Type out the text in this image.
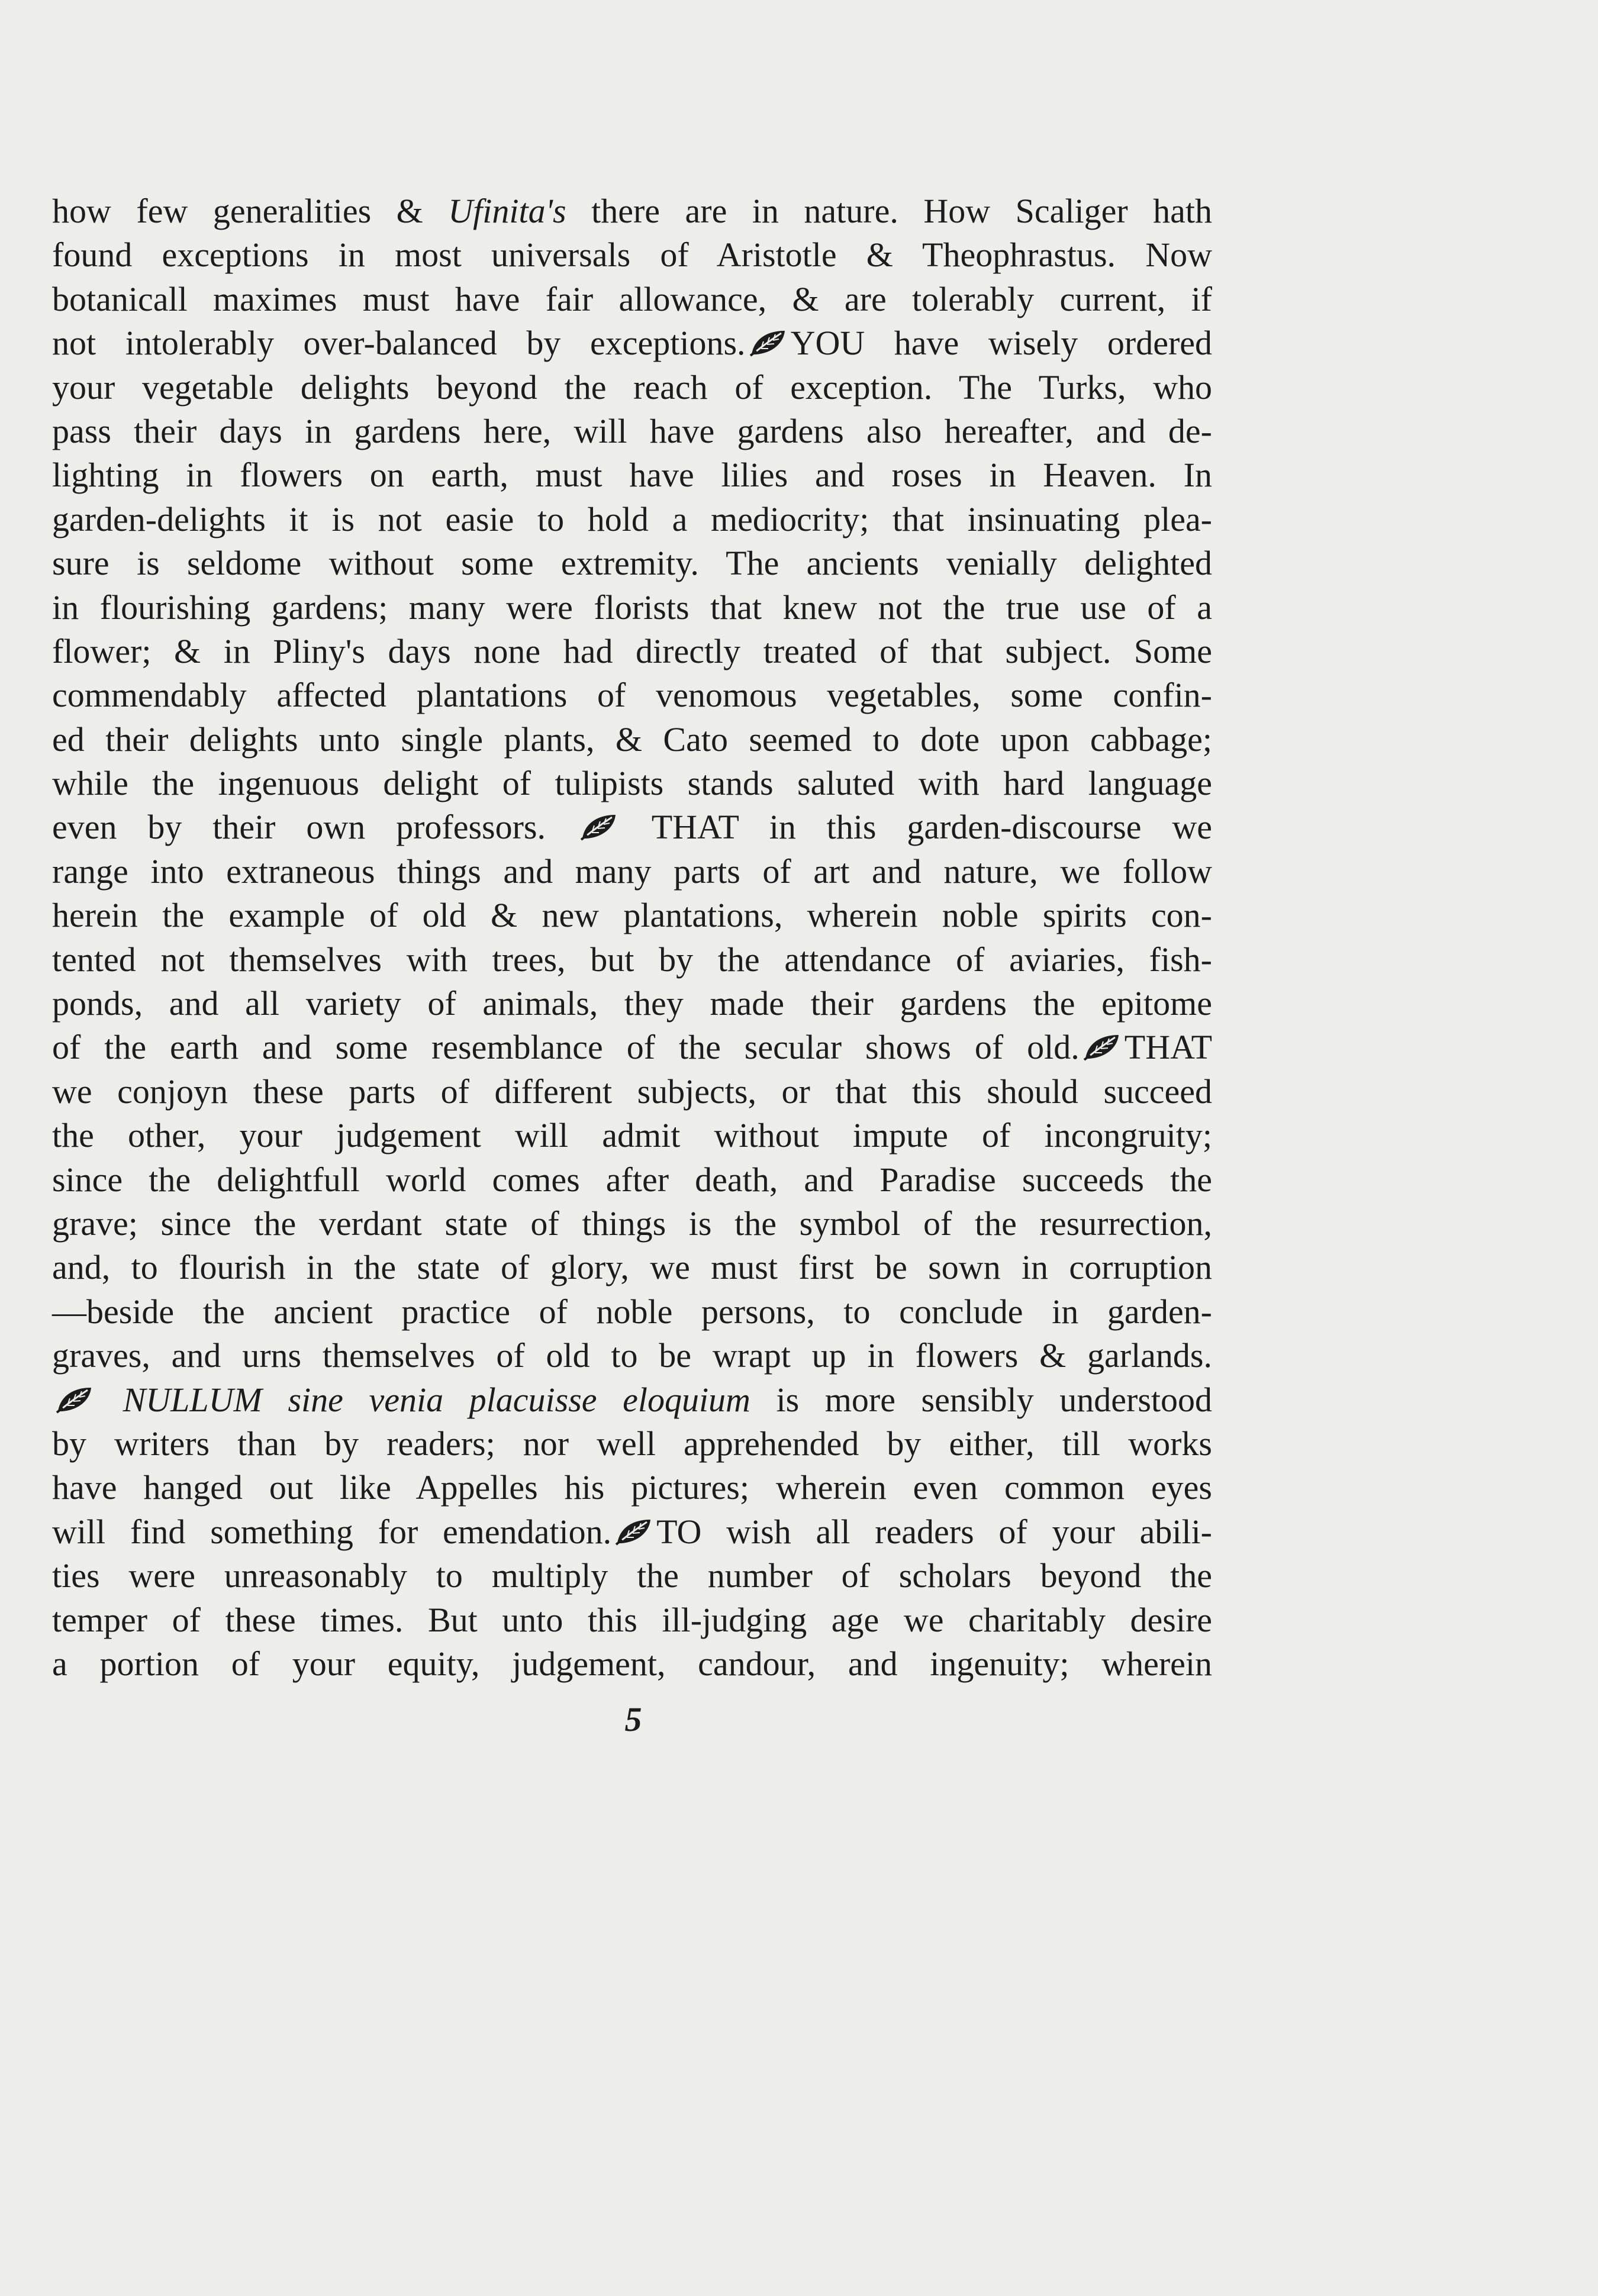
how few generalities & Ufinita's there are in nature. How Scaliger hath
found exceptions in most universals of Aristotle & Theophrastus. Now
botanicall maximes must have fair allowance, & are tolerably current, if
not intolerably over-balanced by exceptions. YOU have wisely ordered
your vegetable delights beyond the reach of exception. The Turks, who
pass their days in gardens here, will have gardens also hereafter, and de-
lighting in flowers on earth, must have lilies and roses in Heaven. In
garden-delights it is not easie to hold a mediocrity; that insinuating plea-
sure is seldome without some extremity. The ancients venially delighted
in flourishing gardens; many were florists that knew not the true use of a
flower; & in Pliny's days none had directly treated of that subject. Some
commendably affected plantations of venomous vegetables, some confin-
ed their delights unto single plants, & Cato seemed to dote upon cabbage;
while the ingenuous delight of tulipists stands saluted with hard language
even by their own professors.
THAT in this garden-discourse we
range into extraneous things and many parts of art and nature, we follow
herein the example of old & new plantations, wherein noble spirits con-
tented not themselves with trees, but by the attendance of aviaries, fish-
ponds, and all variety of animals, they made their gardens the epitome
of the earth and some resemblance of the secular shows of old. THAT
we conjoyn these parts of different subjects, or that this should succeed
the other, your judgement will admit without impute of incongruity;
since the delightfull world comes after death, and Paradise succeeds the
grave; since the verdant state of things is the symbol of the resurrection,
and, to flourish in the state of glory, we must first be sown in corruption
—beside the ancient practice of noble persons, to conclude in garden-
graves, and urns themselves of old to be wrapt up in flowers & garlands.
NULLUM sine venia placuisse eloquium is more sensibly understood
by writers than by readers; nor well apprehended by either, till works
have hanged out like Appelles his pictures; wherein even common eyes
will find something for emendation. TO wish all readers of your abili-
ties were unreasonably to multiply the number of scholars beyond the
temper of these times. But unto this ill-judging age we charitably desire
a portion of your equity, judgement, candour, and ingenuity; wherein
5
